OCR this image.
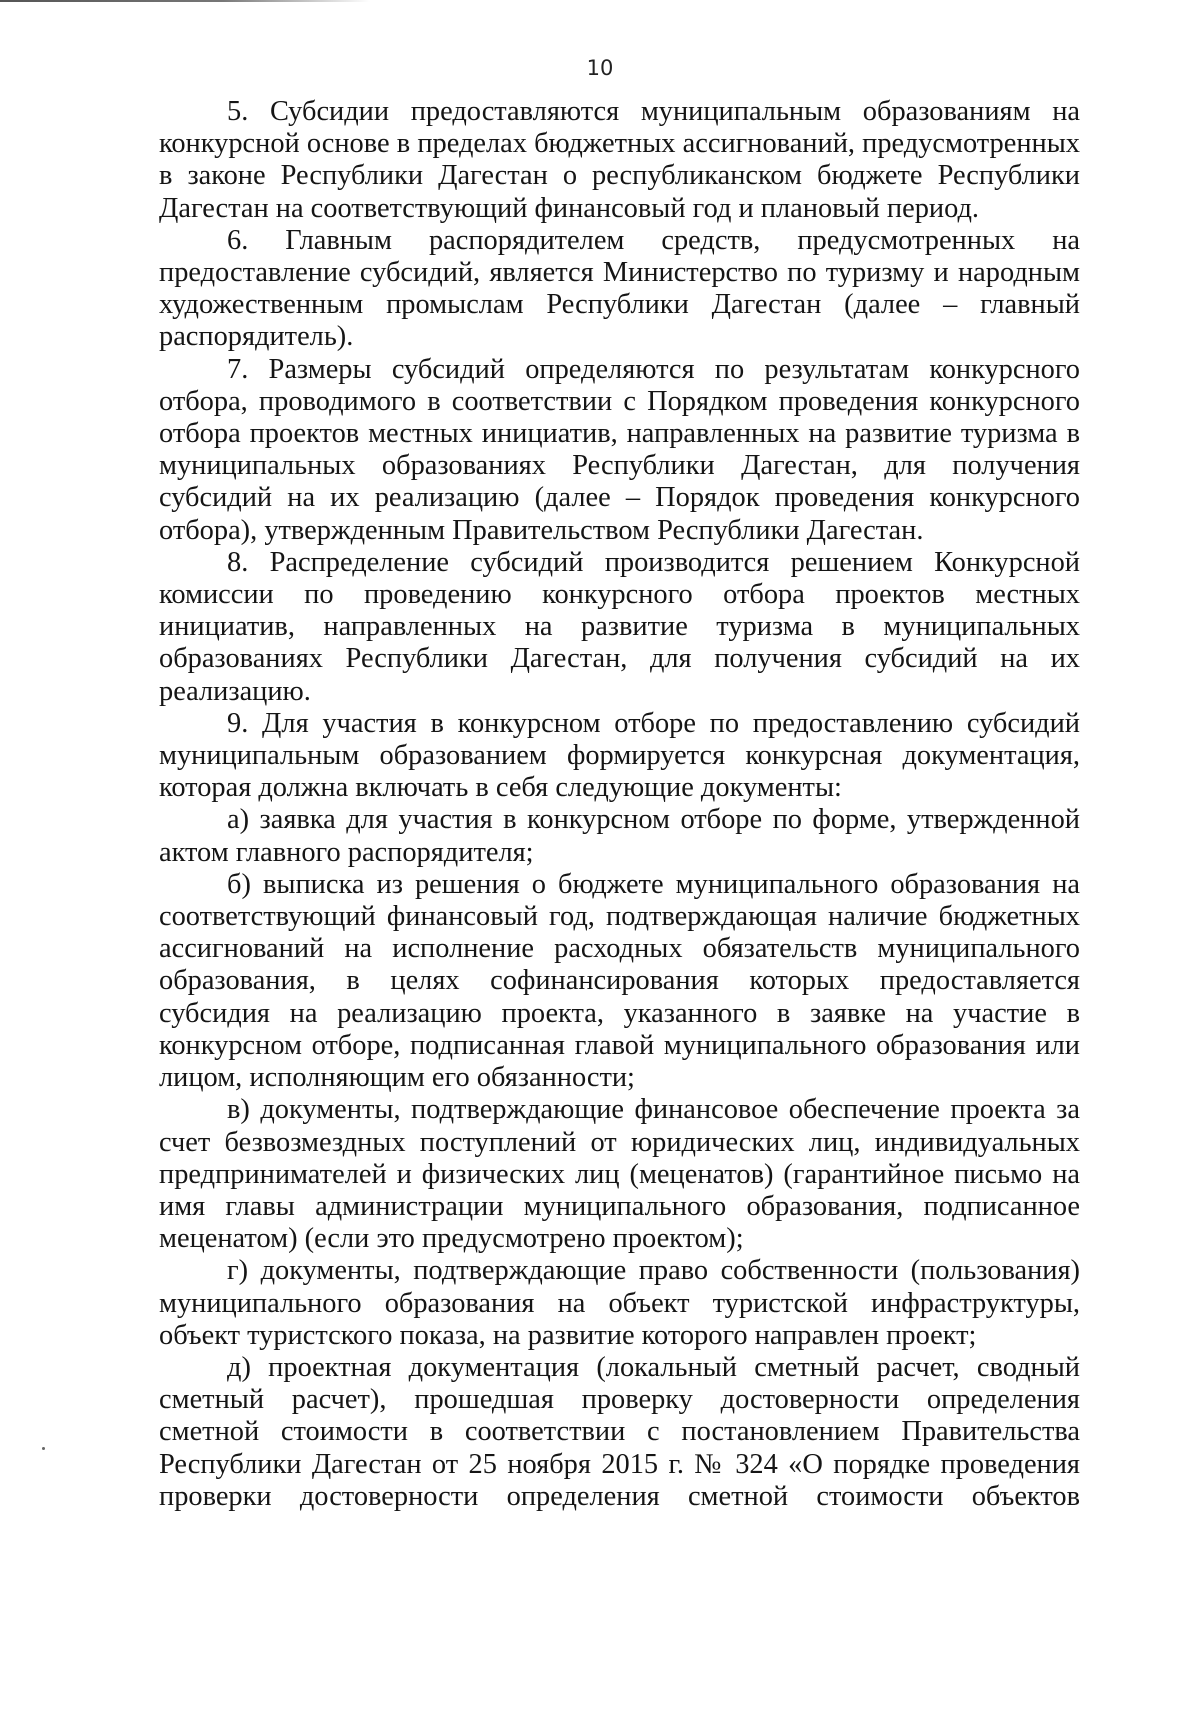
10

5. Субсидии предоставляются муниципальным образованиям на конкурсной основе в пределах бюджетных ассигнований, предусмотренных в законе Республики Дагестан о республиканском бюджете Республики Дагестан на соответствующий финансовый год и плановый период.

6. Главным распорядителем средств, предусмотренных на предоставление субсидий, является Министерство по туризму и народным художественным промыслам Республики Дагестан (далее – главный распорядитель).

7. Размеры субсидий определяются по результатам конкурсного отбора, проводимого в соответствии с Порядком проведения конкурсного отбора проектов местных инициатив, направленных на развитие туризма в муниципальных образованиях Республики Дагестан, для получения субсидий на их реализацию (далее – Порядок проведения конкурсного отбора), утвержденным Правительством Республики Дагестан.

8. Распределение субсидий производится решением Конкурсной комиссии по проведению конкурсного отбора проектов местных инициатив, направленных на развитие туризма в муниципальных образованиях Республики Дагестан, для получения субсидий на их реализацию.

9. Для участия в конкурсном отборе по предоставлению субсидий муниципальным образованием формируется конкурсная документация, которая должна включать в себя следующие документы:

а) заявка для участия в конкурсном отборе по форме, утвержденной актом главного распорядителя;

б) выписка из решения о бюджете муниципального образования на соответствующий финансовый год, подтверждающая наличие бюджетных ассигнований на исполнение расходных обязательств муниципального образования, в целях софинансирования которых предоставляется субсидия на реализацию проекта, указанного в заявке на участие в конкурсном отборе, подписанная главой муниципального образования или лицом, исполняющим его обязанности;

в) документы, подтверждающие финансовое обеспечение проекта за счет безвозмездных поступлений от юридических лиц, индивидуальных предпринимателей и физических лиц (меценатов) (гарантийное письмо на имя главы администрации муниципального образования, подписанное меценатом) (если это предусмотрено проектом);

г) документы, подтверждающие право собственности (пользования) муниципального образования на объект туристской инфраструктуры, объект туристского показа, на развитие которого направлен проект;

д) проектная документация (локальный сметный расчет, сводный сметный расчет), прошедшая проверку достоверности определения сметной стоимости в соответствии с постановлением Правительства Республики Дагестан от 25 ноября 2015 г. № 324 «О порядке проведения проверки достоверности определения сметной стоимости объектов
